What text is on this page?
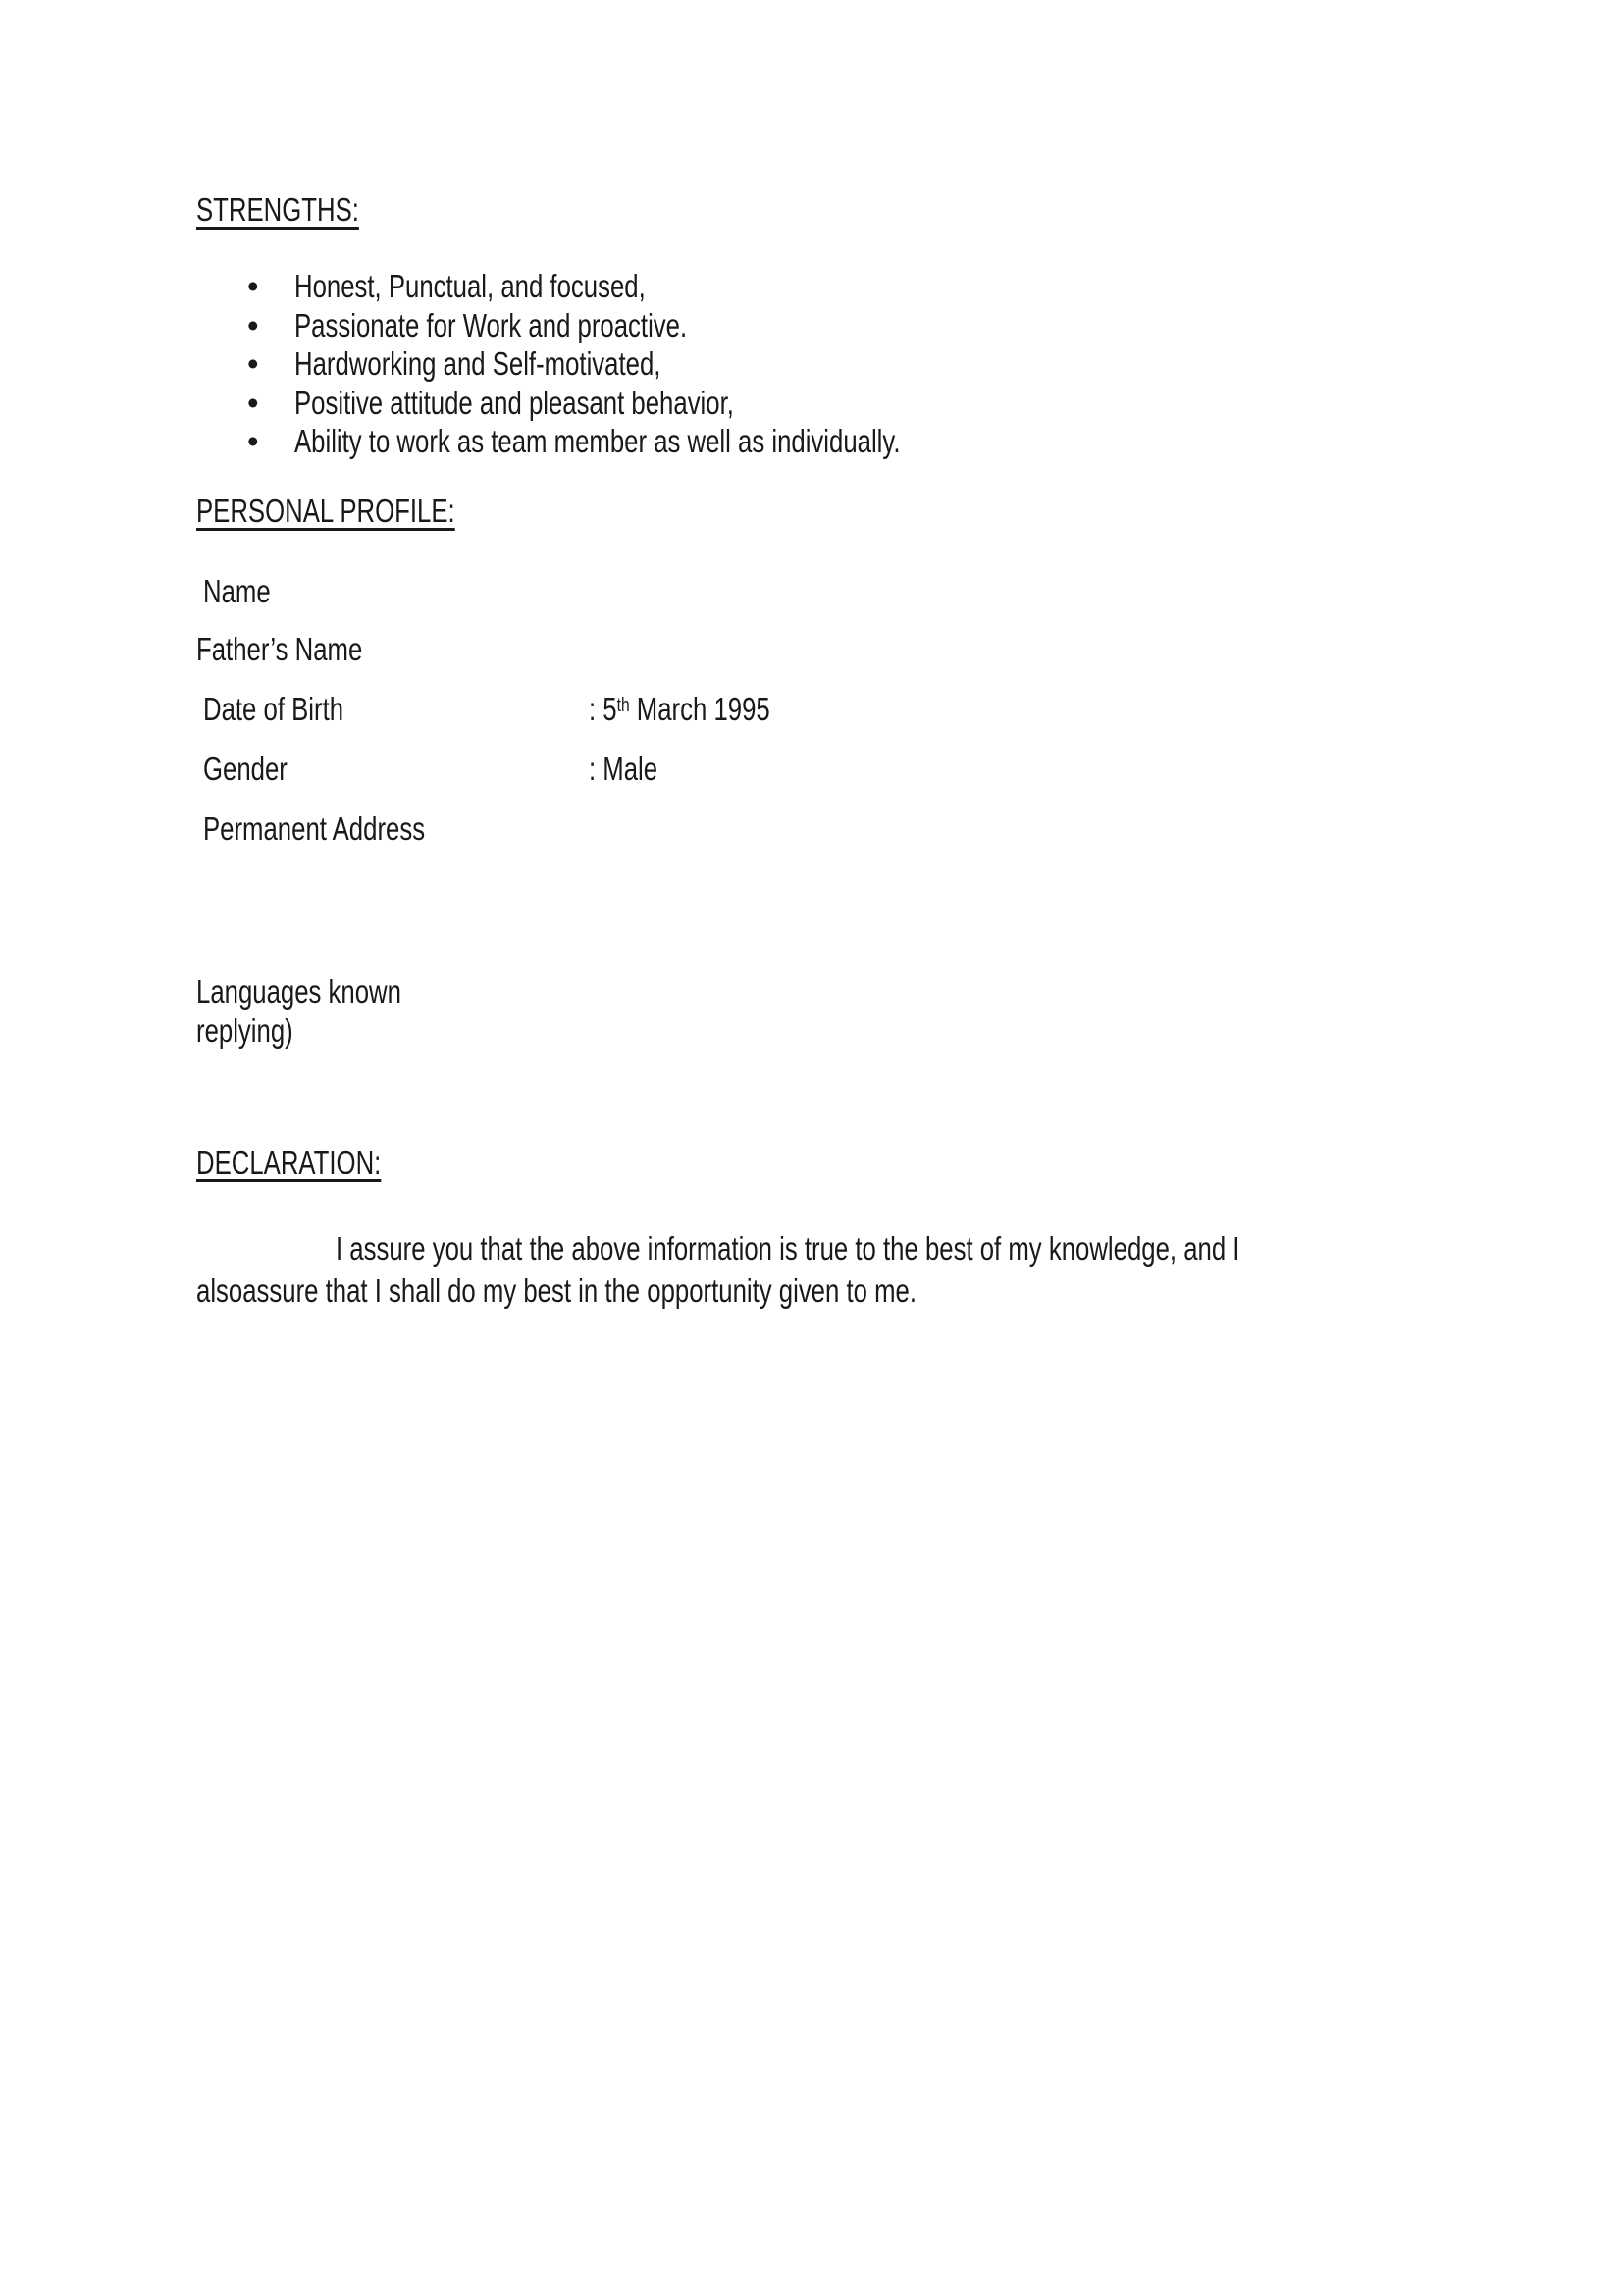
STRENGTHS:
•	Honest, Punctual, and focused,
•	Passionate for Work and proactive.
•	Hardworking and Self-motivated,
•	Positive attitude and pleasant behavior,
•	Ability to work as team member as well as individually.
PERSONAL PROFILE:
Name
Father’s Name
Date of Birth	: 5th March 1995
Gender	: Male
Permanent Address
Languages known
replying)
DECLARATION:
I assure you that the above information is true to the best of my knowledge, and I
alsoassure that I shall do my best in the opportunity given to me.
